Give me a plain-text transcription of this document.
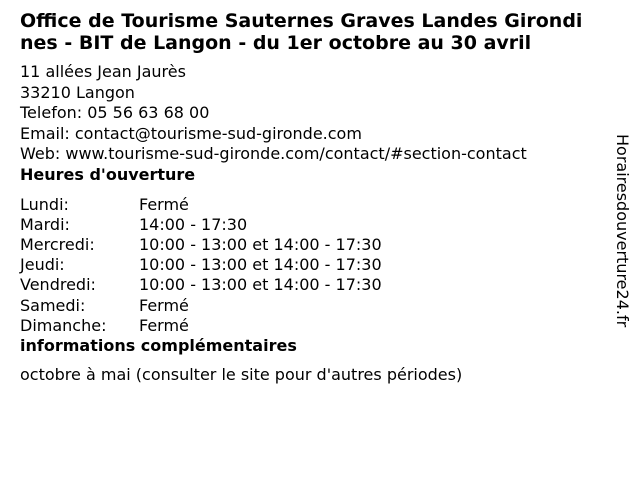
Office de Tourisme Sauternes Graves Landes Girondines - BIT de Langon - du 1er octobre au 30 avril
11 allées Jean Jaurès
33210 Langon
Telefon: 05 56 63 68 00
Email: contact@tourisme-sud-gironde.com
Web: www.tourisme-sud-gironde.com/contact/#section-contact
Heures d'ouverture
Lundi:	Fermé
Mardi:	14:00 - 17:30
Mercredi:	10:00 - 13:00 et 14:00 - 17:30
Jeudi:	10:00 - 13:00 et 14:00 - 17:30
Vendredi:	10:00 - 13:00 et 14:00 - 17:30
Samedi:	Fermé
Dimanche:	Fermé
informations complémentaires
octobre à mai (consulter le site pour d'autres périodes)
Horairesdouverture24.fr
